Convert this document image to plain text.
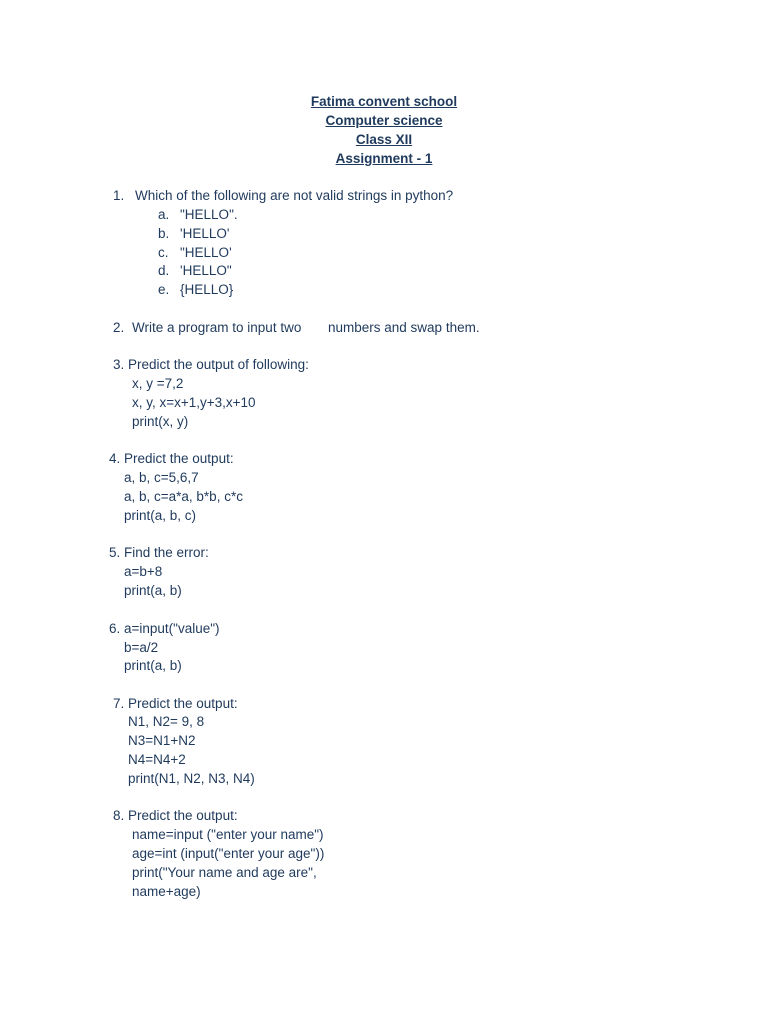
Fatima convent school
Computer science
Class XII
Assignment - 1
1. Which of the following are not valid strings in python?
a. "HELLO".
b. 'HELLO'
c. "HELLO'
d. 'HELLO"
e. {HELLO}
2. Write a program to input two numbers and swap them.
3. Predict the output of following:
x, y =7,2
x, y, x=x+1,y+3,x+10
print(x, y)
4. Predict the output:
a, b, c=5,6,7
a, b, c=a*a, b*b, c*c
print(a, b, c)
5. Find the error:
a=b+8
print(a, b)
6. a=input("value")
b=a/2
print(a, b)
7. Predict the output:
N1, N2= 9, 8
N3=N1+N2
N4=N4+2
print(N1, N2, N3, N4)
8. Predict the output:
name=input ("enter your name")
age=int (input("enter your age"))
print("Your name and age are",
name+age)
